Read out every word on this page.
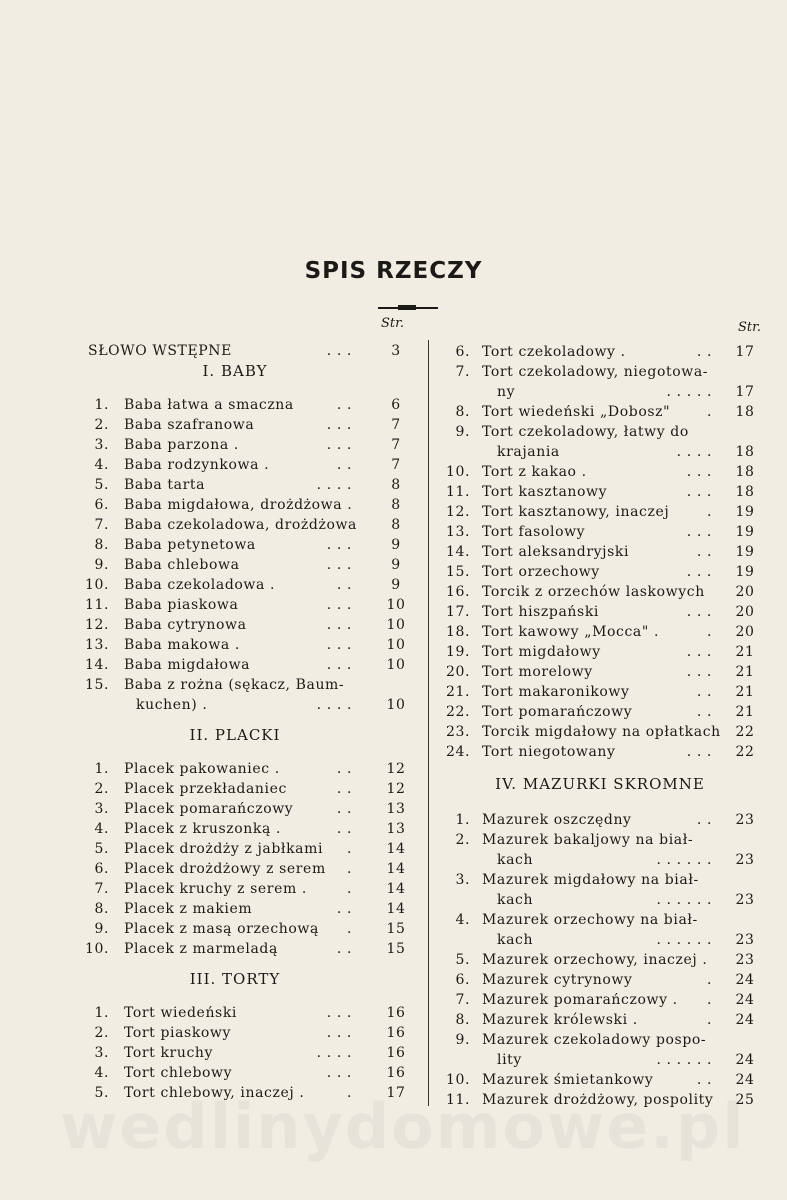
SPIS RZECZY
Str.	Str.
SŁOWO WSTĘPNE	. . .	3
I. BABY
1. Baba łatwa a smaczna	. .	6
2. Baba szafranowa	. . .	7
3. Baba parzona .	. . .	7
4. Baba rodzynkowa .	. .	7
5. Baba tarta	. . . .	8
6. Baba migdałowa, drożdżowa .	8
7. Baba czekoladowa, drożdżowa	8
8. Baba petynetowa	. . .	9
9. Baba chlebowa	. . .	9
10. Baba czekoladowa .	. .	9
11. Baba piaskowa	. . .	10
12. Baba cytrynowa	. . .	10
13. Baba makowa .	. . .	10
14. Baba migdałowa	. . .	10
15. Baba z rożna (sękacz, Baum-
kuchen) .	. . . .	10
II. PLACKI
1. Placek pakowaniec .	. .	12
2. Placek przekładaniec	. .	12
3. Placek pomarańczowy	. .	13
4. Placek z kruszonką .	. .	13
5. Placek drożdży z jabłkami .	14
6. Placek drożdżowy z serem .	14
7. Placek kruchy z serem .	.	14
8. Placek z makiem	. .	14
9. Placek z masą orzechową .	15
10. Placek z marmeladą	. .	15
III. TORTY
1. Tort wiedeński	. . .	16
2. Tort piaskowy	. . .	16
3. Tort kruchy	. . . .	16
4. Tort chlebowy	. . .	16
5. Tort chlebowy, inaczej .	.	17
6. Tort czekoladowy .	. .	17
7. Tort czekoladowy, niegotowa-
ny	. . . . .	17
8. Tort wiedeński „Dobosz"	.	18
9. Tort czekoladowy, łatwy do
krajania	. . . .	18
10. Tort z kakao .	. . .	18
11. Tort kasztanowy	. . .	18
12. Tort kasztanowy, inaczej	.	19
13. Tort fasolowy	. . .	19
14. Tort aleksandryjski	. .	19
15. Tort orzechowy	. . .	19
16. Torcik z orzechów laskowych	20
17. Tort hiszpański	. . .	20
18. Tort kawowy „Mocca" .	.	20
19. Tort migdałowy	. . .	21
20. Tort morelowy	. . .	21
21. Tort makaronikowy	. .	21
22. Tort pomarańczowy	. .	21
23. Torcik migdałowy na opłatkach	22
24. Tort niegotowany	. . .	22
IV. MAZURKI SKROMNE
1. Mazurek oszczędny	. .	23
2. Mazurek bakaljowy na biał-
kach	. . . . . .	23
3. Mazurek migdałowy na biał-
kach	. . . . . .	23
4. Mazurek orzechowy na biał-
kach	. . . . . .	23
5. Mazurek orzechowy, inaczej .	23
6. Mazurek cytrynowy	.	24
7. Mazurek pomarańczowy . .	24
8. Mazurek królewski .	.	24
9. Mazurek czekoladowy pospo-
lity	. . . . . .	24
10. Mazurek śmietankowy	. .	24
11. Mazurek drożdżowy, pospolity	25
